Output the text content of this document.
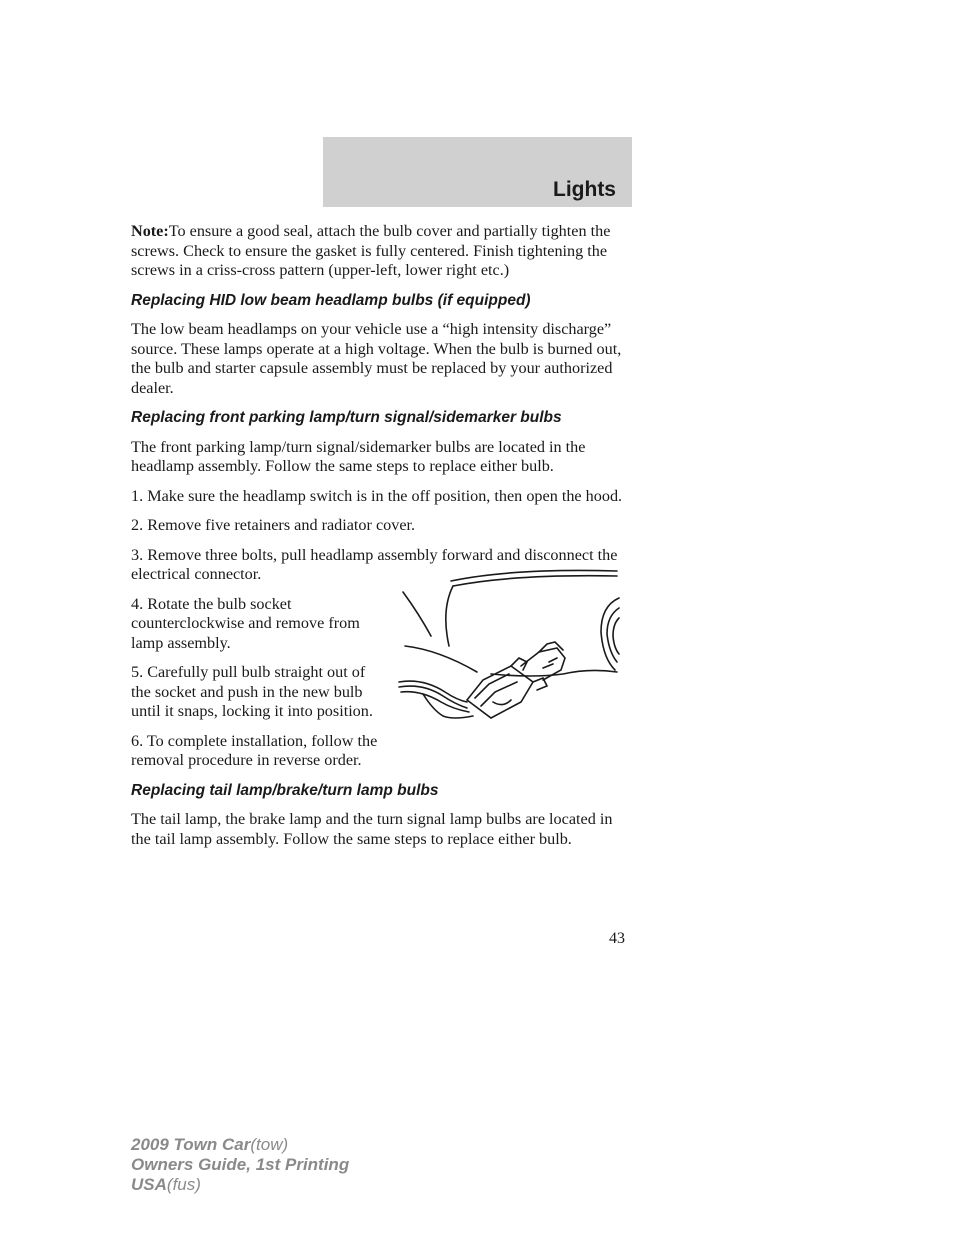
Lights

Note:To ensure a good seal, attach the bulb cover and partially tighten the screws. Check to ensure the gasket is fully centered. Finish tightening the screws in a criss-cross pattern (upper-left, lower right etc.)

Replacing HID low beam headlamp bulbs (if equipped)

The low beam headlamps on your vehicle use a “high intensity discharge” source. These lamps operate at a high voltage. When the bulb is burned out, the bulb and starter capsule assembly must be replaced by your authorized dealer.

Replacing front parking lamp/turn signal/sidemarker bulbs

The front parking lamp/turn signal/sidemarker bulbs are located in the headlamp assembly. Follow the same steps to replace either bulb.

1. Make sure the headlamp switch is in the off position, then open the hood.

2. Remove five retainers and radiator cover.

3. Remove three bolts, pull headlamp assembly forward and disconnect the electrical connector.

4. Rotate the bulb socket counterclockwise and remove from lamp assembly.

5. Carefully pull bulb straight out of the socket and push in the new bulb until it snaps, locking it into position.

6. To complete installation, follow the removal procedure in reverse order.

Replacing tail lamp/brake/turn lamp bulbs

The tail lamp, the brake lamp and the turn signal lamp bulbs are located in the tail lamp assembly. Follow the same steps to replace either bulb.

43
2009 Town Car(tow)
Owners Guide, 1st Printing
USA(fus)
